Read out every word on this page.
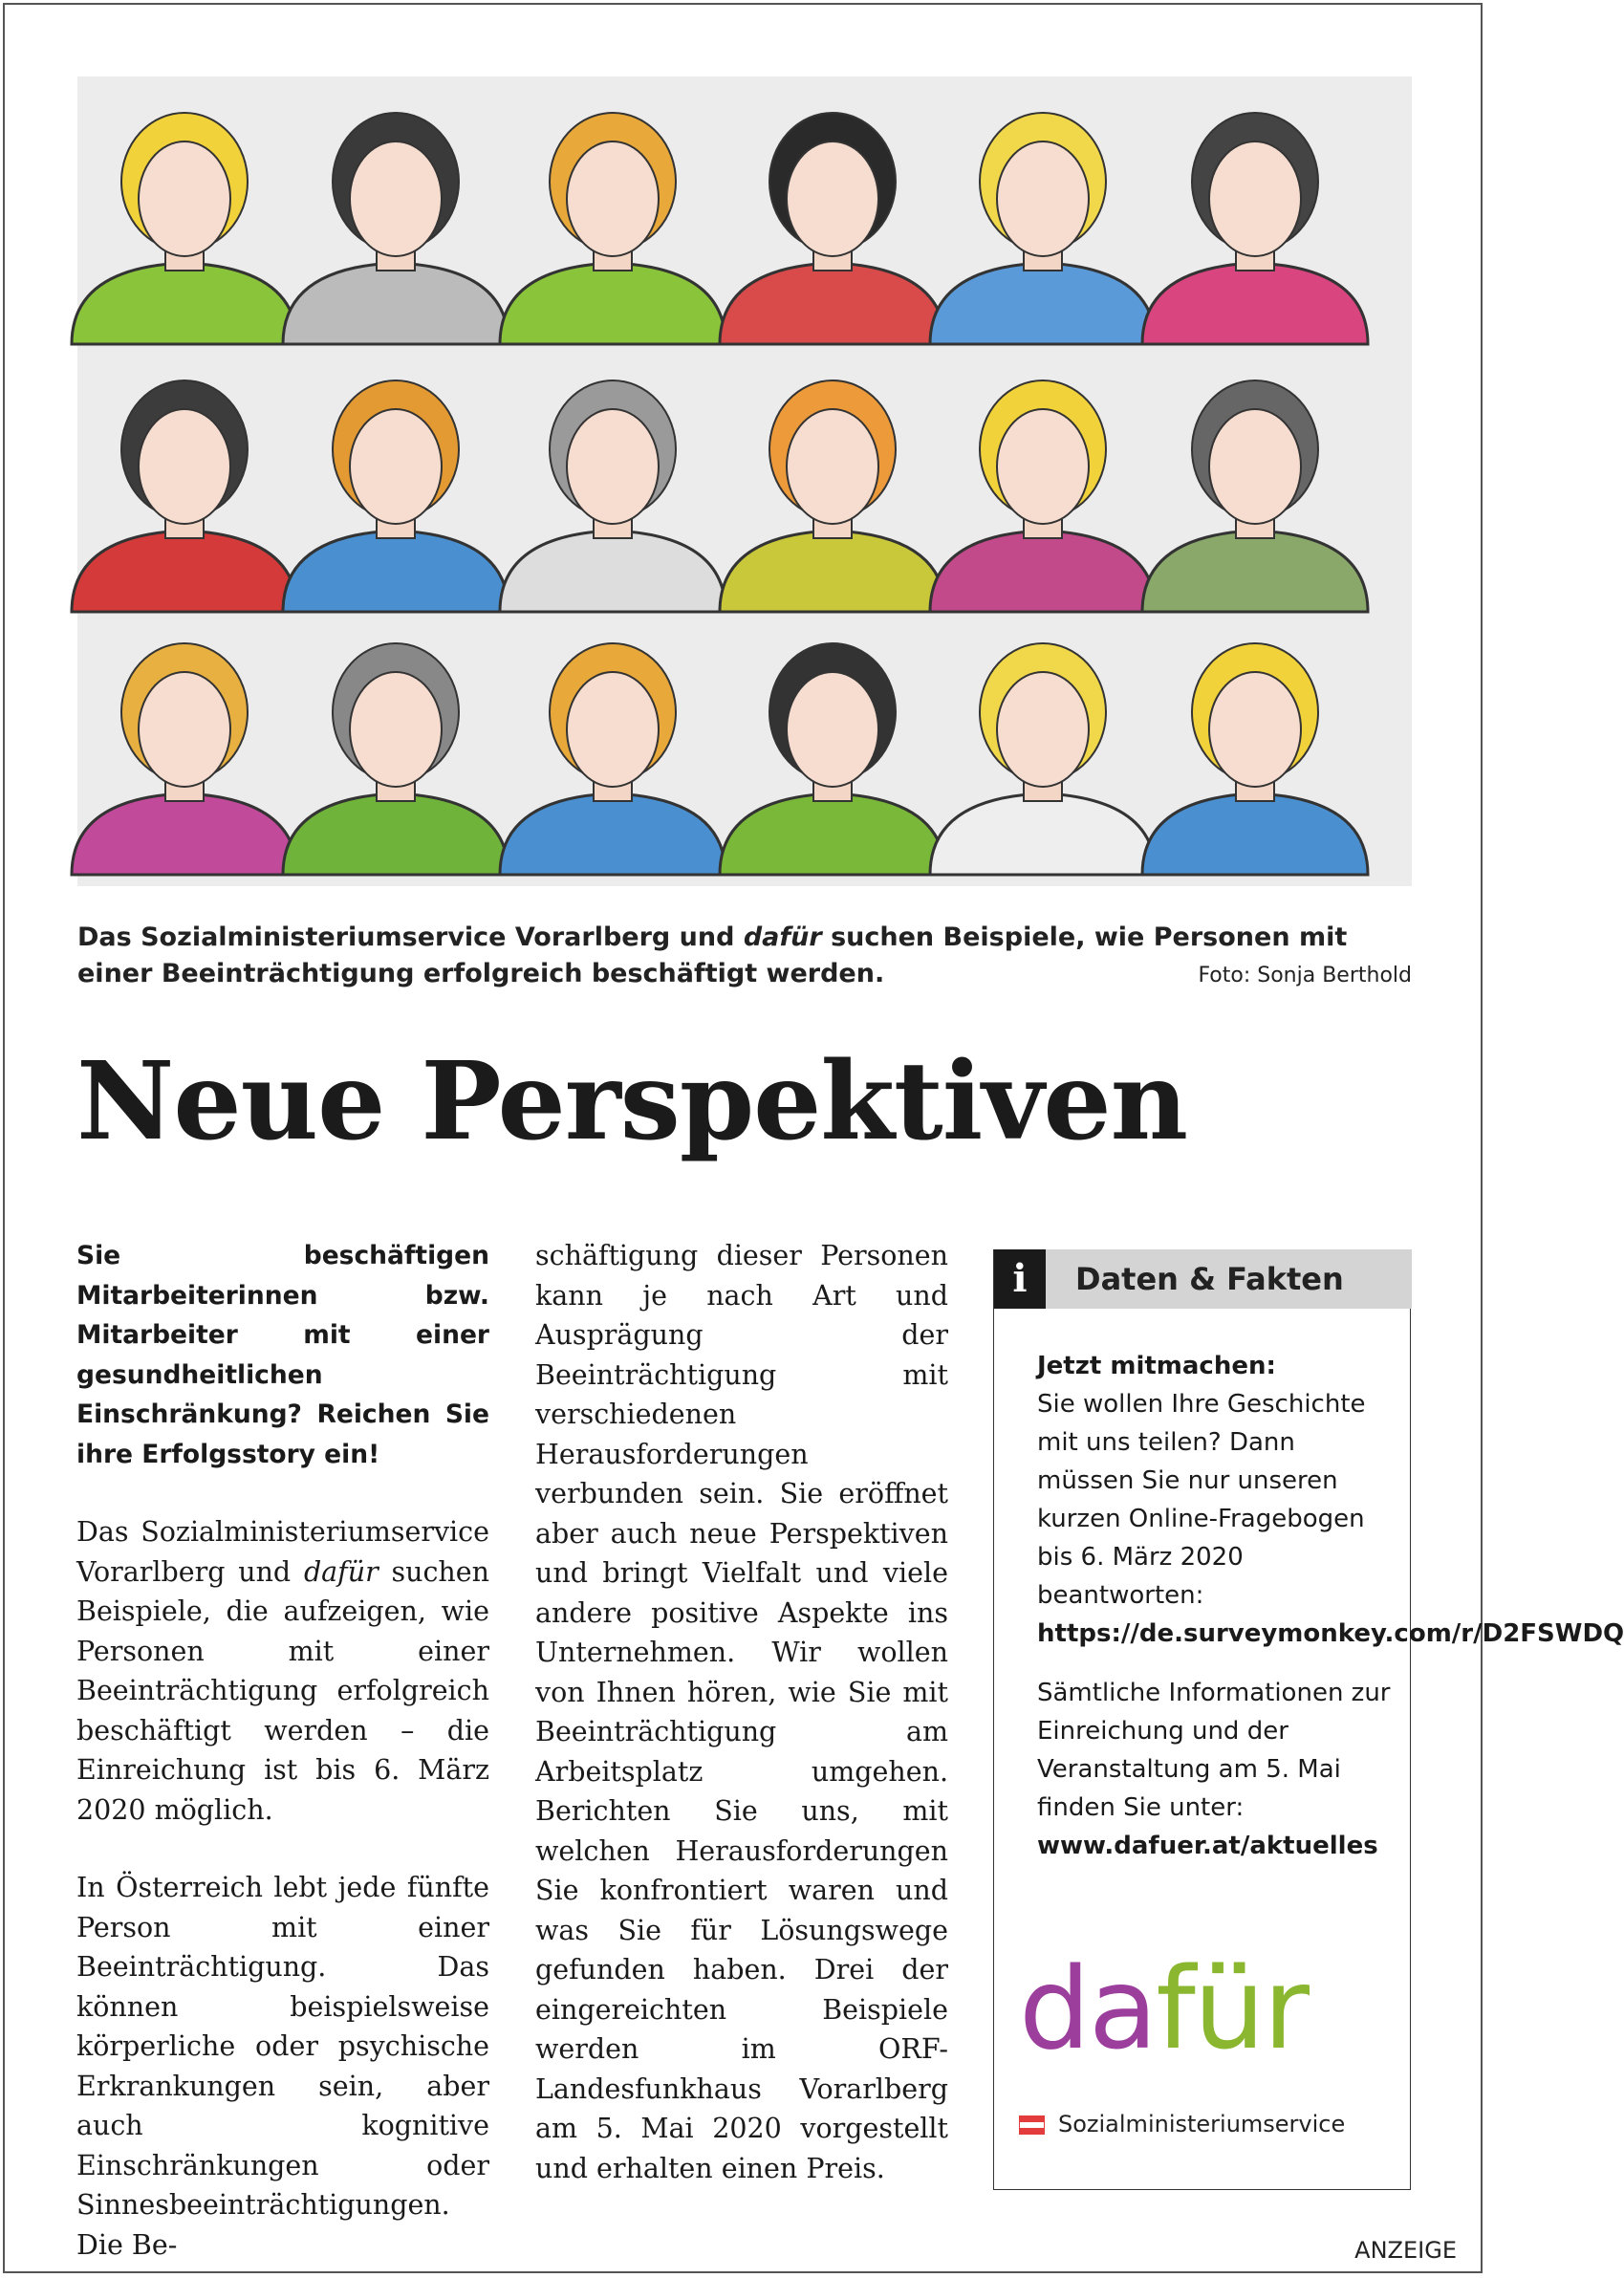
Das Sozialministeriumservice Vorarlberg und dafür suchen Beispiele, wie Personen mit einer Beeinträchtigung erfolgreich beschäftigt werden.	Foto: Sonja Berthold
Neue Perspektiven

Sie beschäftigen Mitarbeiterinnen bzw. Mitarbeiter mit einer gesundheitlichen Einschränkung? Reichen Sie ihre Erfolgsstory ein!

Das Sozialministeriumservice Vorarlberg und dafür suchen Beispiele, die aufzeigen, wie Personen mit einer Beeinträchtigung erfolgreich beschäftigt werden – die Einreichung ist bis 6. März 2020 möglich.

In Österreich lebt jede fünfte Person mit einer Beeinträchtigung. Das können beispielsweise körperliche oder psychische Erkrankungen sein, aber auch kognitive Einschränkungen oder Sinnesbeeinträchtigungen. Die Be-

schäftigung dieser Personen kann je nach Art und Ausprägung der Beeinträchtigung mit verschiedenen Herausforderungen verbunden sein. Sie eröffnet aber auch neue Perspektiven und bringt Vielfalt und viele andere positive Aspekte ins Unternehmen. Wir wollen von Ihnen hören, wie Sie mit Beeinträchtigung am Arbeitsplatz umgehen. Berichten Sie uns, mit welchen Herausforderungen Sie konfrontiert waren und was Sie für Lösungswege gefunden haben. Drei der eingereichten Beispiele werden im ORF-Landesfunkhaus Vorarlberg am 5. Mai 2020 vorgestellt und erhalten einen Preis.

i	Daten & Fakten

Jetzt mitmachen:
Sie wollen Ihre Geschichte mit uns teilen? Dann müssen Sie nur unseren kurzen Online-Fragebogen bis 6. März 2020 beantworten: https://de.surveymonkey.com/r/D2FSWDQ

Sämtliche Informationen zur Einreichung und der Veranstaltung am 5. Mai finden Sie unter: www.dafuer.at/aktuelles

dafür
Sozialministeriumservice
ANZEIGE
